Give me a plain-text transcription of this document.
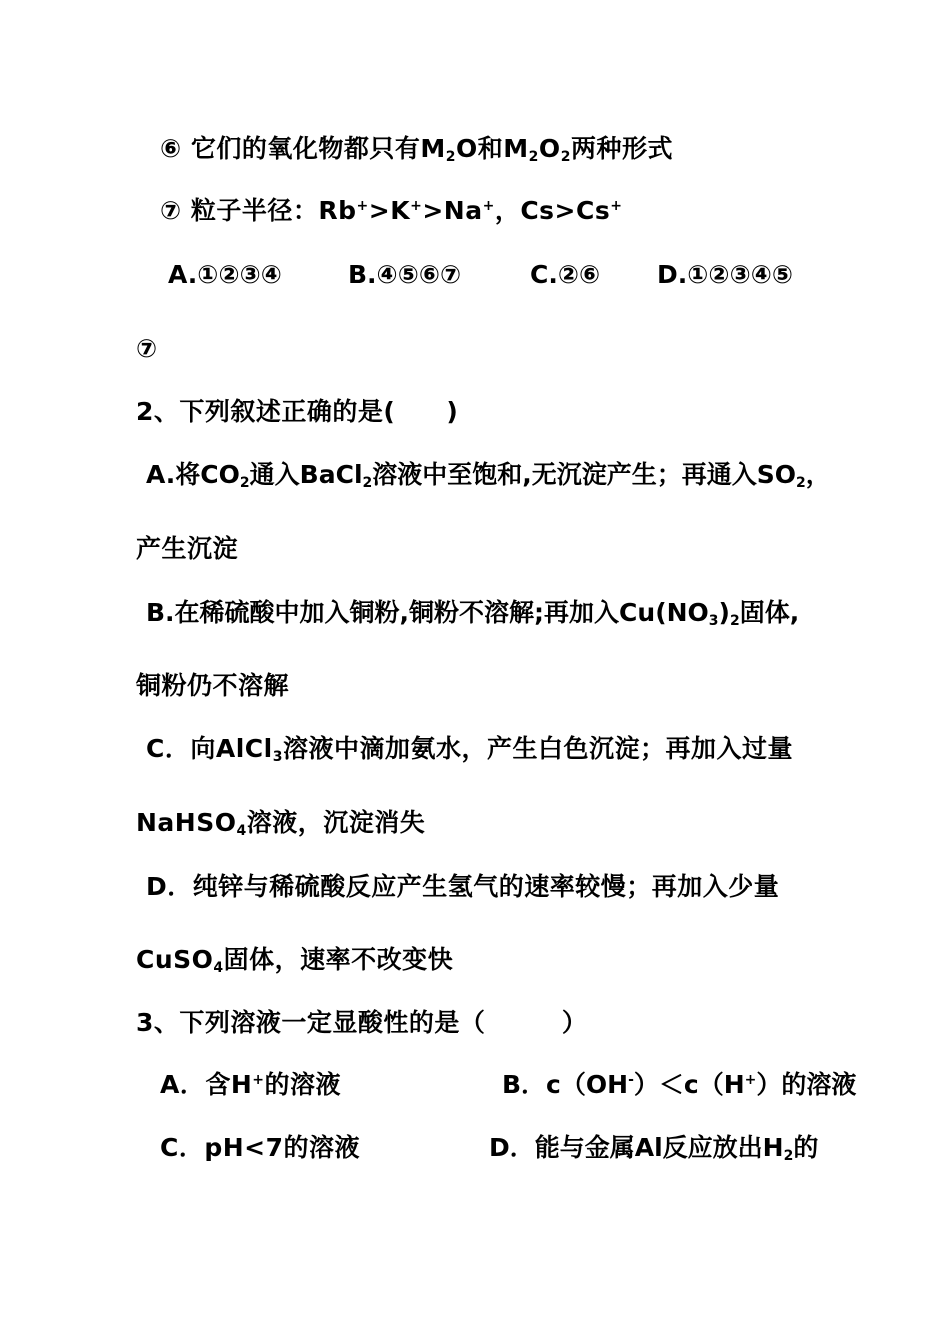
⑥ 它们的氧化物都只有$M_2O$和$M_2O_2$两种形式
⑦ 粒子半径：Rb+>K+>Na+，Cs>Cs+
A.①②③④	B.④⑤⑥⑦	C.②⑥ D.①②③④⑤
⑦
2、下列叙述正确的是(　　)
A.将$CO_2$通入BaCl$_2$溶液中至饱和,无沉淀产生；再通入$SO_2$，
产生沉淀
B.在稀硫酸中加入铜粉,铜粉不溶解;再加入$Cu(NO_3)_2$固体,
铜粉仍不溶解
C．向AlCl$_3$溶液中滴加氨水，产生白色沉淀；再加入过量
NaHSO$_4$溶液，沉淀消失
D．纯锌与稀硫酸反应产生氢气的速率较慢；再加入少量
CuSO$_4$固体，速率不改变快
3、下列溶液一定显酸性的是（　　　）
A．含H+的溶液	B．c（OH-）＜c（H+）的溶液
C．pH<7的溶液	D．能与金属Al反应放出$H_2$的
